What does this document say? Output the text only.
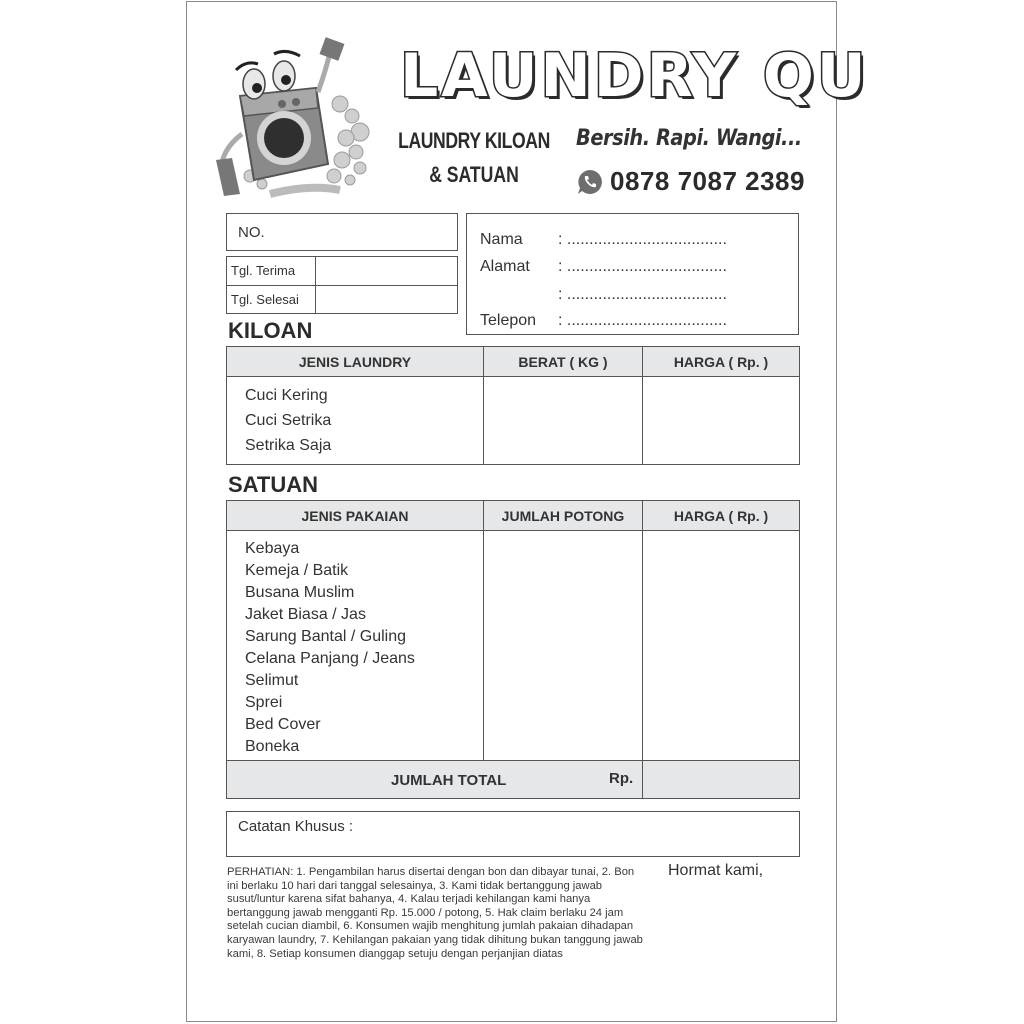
LAUNDRY QU
LAUNDRY KILOAN
& SATUAN
Bersih. Rapi. Wangi...
0878 7087 2389
NO.
Tgl. Terima	
Tgl. Selesai	
Nama	: ....................................
Alamat	: ....................................
: ....................................
Telepon	: ....................................
KILOAN
JENIS LAUNDRY	BERAT ( KG )	HARGA ( Rp. )

Cuci Kering
Cuci Setrika
Setrika Saja		

SATUAN
JENIS PAKAIAN	JUMLAH POTONG	HARGA ( Rp. )

Kebaya
Kemeja / Batik
Busana Muslim
Jaket Biasa / Jas
Sarung Bantal / Guling
Celana Panjang / Jeans
Selimut
Sprei
Bed Cover
Boneka

JUMLAH TOTAL Rp.		

Catatan Khusus :
PERHATIAN: 1. Pengambilan harus disertai dengan bon dan dibayar tunai, 2. Bon ini berlaku 10 hari dari tanggal selesainya, 3. Kami tidak bertanggung jawab susut/luntur karena sifat bahanya, 4. Kalau terjadi kehilangan kami hanya bertanggung jawab mengganti Rp. 15.000 / potong, 5. Hak claim berlaku 24 jam setelah cucian diambil, 6. Konsumen wajib menghitung jumlah pakaian dihadapan karyawan laundry, 7. Kehilangan pakaian yang tidak dihitung bukan tanggung jawab kami, 8. Setiap konsumen dianggap setuju dengan perjanjian diatas
Hormat kami,
